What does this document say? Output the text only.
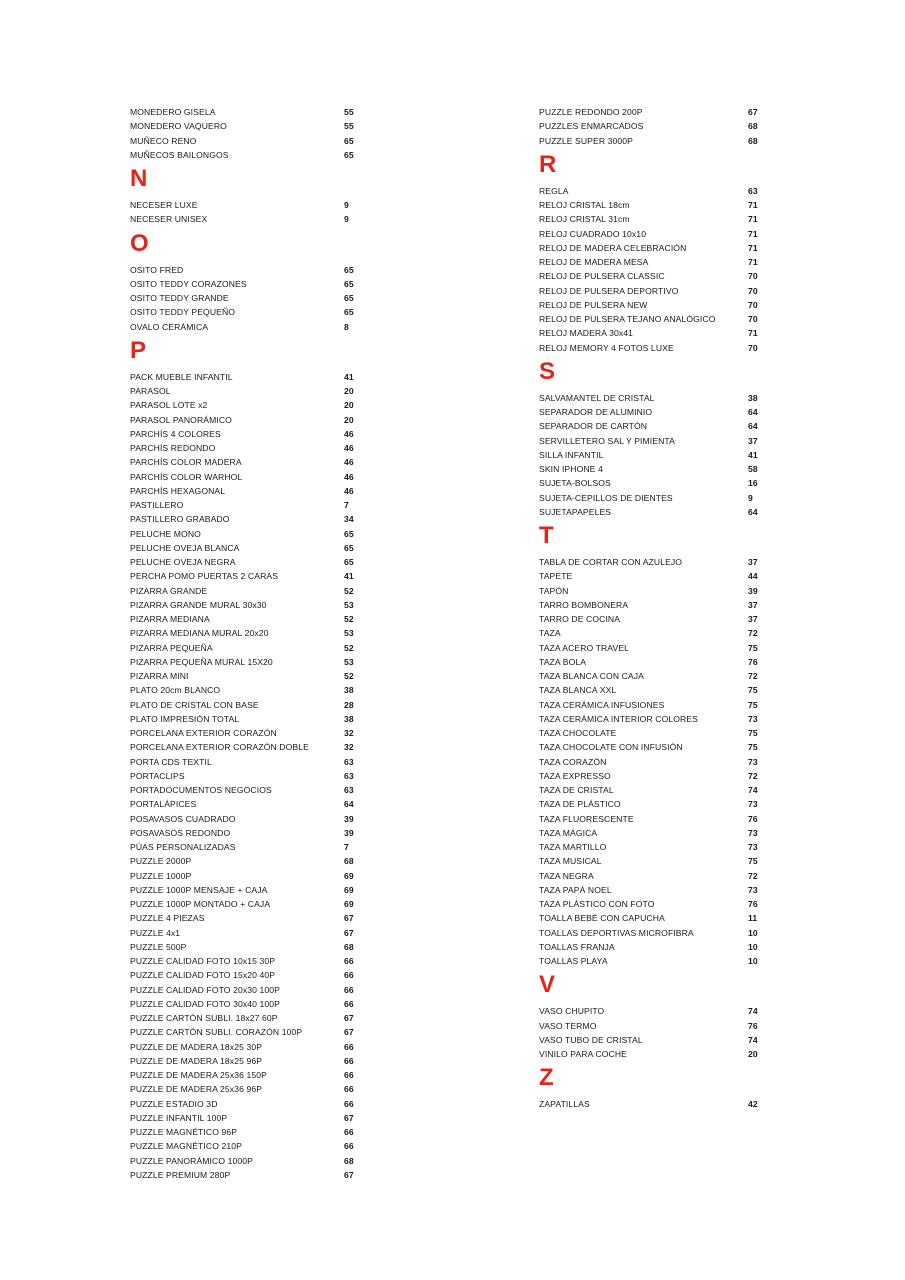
MONEDERO GISELA	55
MONEDERO VAQUERO	55
MUÑECO RENO	65
MUÑECOS BAILONGOS	65
N
NECESER LUXE	9
NECESER UNISEX	9
O
OSITO FRED	65
OSITO TEDDY CORAZONES	65
OSITO TEDDY GRANDE	65
OSITO TEDDY PEQUEÑO	65
OVALO CERÁMICA	8
P
PACK MUEBLE INFANTIL	41
PARASOL	20
PARASOL LOTE x2	20
PARASOL PANORÁMICO	20
PARCHÍS 4 COLORES	46
PARCHÍS REDONDO	46
PARCHÍS COLOR MADERA	46
PARCHÍS COLOR WARHOL	46
PARCHÍS HEXAGONAL	46
PASTILLERO	7
PASTILLERO GRABADO	34
PELUCHE MONO	65
PELUCHE OVEJA BLANCA	65
PELUCHE OVEJA NEGRA	65
PERCHA POMO PUERTAS 2 CARAS	41
PIZARRA GRANDE	52
PIZARRA GRANDE MURAL 30x30	53
PIZARRA MEDIANA	52
PIZARRA MEDIANA MURAL 20x20	53
PIZARRA PEQUEÑA	52
PIZARRA PEQUEÑA MURAL 15X20	53
PIZARRA MINI	52
PLATO 20cm BLANCO	38
PLATO DE CRISTAL CON BASE	28
PLATO IMPRESIÓN TOTAL	38
PORCELANA EXTERIOR CORAZÓN	32
PORCELANA EXTERIOR CORAZÓN DOBLE	32
PORTA CDS TEXTIL	63
PORTACLIPS	63
PORTADOCUMENTOS NEGOCIOS	63
PORTALÁPICES	64
POSAVASOS CUADRADO	39
POSAVASOS REDONDO	39
PÚAS PERSONALIZADAS	7
PUZZLE 2000P	68
PUZZLE 1000P	69
PUZZLE 1000P MENSAJE + CAJA	69
PUZZLE 1000P MONTADO + CAJA	69
PUZZLE 4 PIEZAS	67
PUZZLE 4x1	67
PUZZLE 500P	68
PUZZLE CALIDAD FOTO 10x15 30P	66
PUZZLE CALIDAD FOTO 15x20 40P	66
PUZZLE CALIDAD FOTO 20x30 100P	66
PUZZLE CALIDAD FOTO 30x40 100P	66
PUZZLE CARTÓN SUBLI. 18x27 60P	67
PUZZLE CARTÓN SUBLI. CORAZÓN 100P	67
PUZZLE DE MADERA 18x25 30P	66
PUZZLE DE MADERA 18x25 96P	66
PUZZLE DE MADERA 25x36 150P	66
PUZZLE DE MADERA 25x36 96P	66
PUZZLE ESTADIO 3D	66
PUZZLE INFANTIL 100P	67
PUZZLE MAGNÉTICO 96P	66
PUZZLE MAGNÉTICO 210P	66
PUZZLE PANORÁMICO 1000P	68
PUZZLE PREMIUM 280P	67
PUZZLE REDONDO 200P	67
PUZZLES ENMARCADOS	68
PUZZLE SUPER 3000P	68
R
REGLA	63
RELOJ CRISTAL 18cm	71
RELOJ CRISTAL 31cm	71
RELOJ CUADRADO 10x10	71
RELOJ DE MADERA CELEBRACIÓN	71
RELOJ DE MADERA MESA	71
RELOJ DE PULSERA CLASSIC	70
RELOJ DE PULSERA DEPORTIVO	70
RELOJ DE PULSERA NEW	70
RELOJ DE PULSERA TEJANO ANALÓGICO	70
RELOJ MADERA 30x41	71
RELOJ MEMORY 4 FOTOS LUXE	70
S
SALVAMANTEL DE CRISTAL	38
SEPARADOR DE ALUMINIO	64
SEPARADOR DE CARTÓN	64
SERVILLETERO SAL Y PIMIENTA	37
SILLA INFANTIL	41
SKIN IPHONE 4	58
SUJETA-BOLSOS	16
SUJETA-CEPILLOS DE DIENTES	9
SUJETAPAPELES	64
T
TABLA DE CORTAR CON AZULEJO	37
TAPETE	44
TAPÓN	39
TARRO BOMBONERA	37
TARRO DE COCINA	37
TAZA	72
TAZA ACERO TRAVEL	75
TAZA BOLA	76
TAZA BLANCA CON CAJA	72
TAZA BLANCA XXL	75
TAZA CERÁMICA INFUSIONES	75
TAZA CERÁMICA INTERIOR COLORES	73
TAZA CHOCOLATE	75
TAZA CHOCOLATE CON INFUSIÓN	75
TAZA CORAZÓN	73
TAZA EXPRESSO	72
TAZA DE CRISTAL	74
TAZA DE PLÁSTICO	73
TAZA FLUORESCENTE	76
TAZA MÁGICA	73
TAZA MARTILLO	73
TAZA MUSICAL	75
TAZA NEGRA	72
TAZA PAPÁ NOEL	73
TAZA PLÁSTICO CON FOTO	76
TOALLA BEBÉ CON CAPUCHA	11
TOALLAS DEPORTIVAS MICROFIBRA	10
TOALLAS FRANJA	10
TOALLAS PLAYA	10
V
VASO CHUPITO	74
VASO TERMO	76
VASO TUBO DE CRISTAL	74
VINILO PARA COCHE	20
Z
ZAPATILLAS	42
